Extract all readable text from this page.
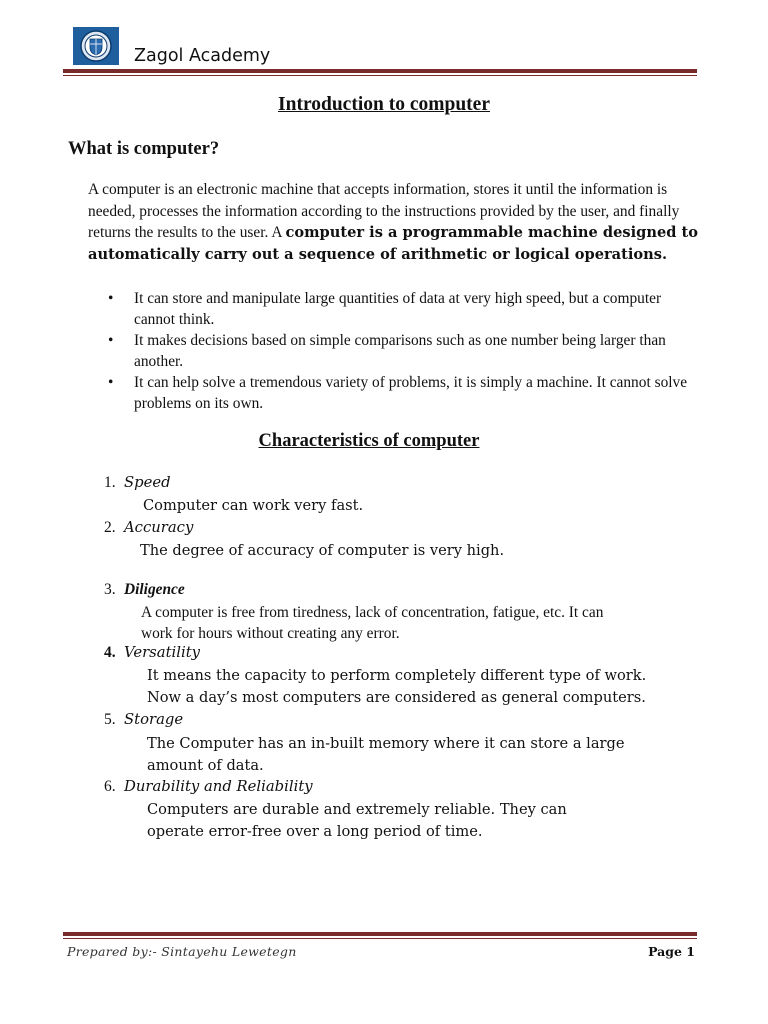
Zagol Academy
Introduction to computer
What is computer?

A computer is an electronic machine that accepts information, stores it until the information is needed, processes the information according to the instructions provided by the user, and finally returns the results to the user. A computer is a programmable machine designed to automatically carry out a sequence of arithmetic or logical operations.

• It can store and manipulate large quantities of data at very high speed, but a computer cannot think.
• It makes decisions based on simple comparisons such as one number being larger than another.
• It can help solve a tremendous variety of problems, it is simply a machine. It cannot solve problems on its own.
Characteristics of computer
1. Speed
Computer can work very fast.
2. Accuracy
The degree of accuracy of computer is very high.
3. Diligence
A computer is free from tiredness, lack of concentration, fatigue, etc. It can
work for hours without creating any error.
4. Versatility
It means the capacity to perform completely different type of work.
Now a day’s most computers are considered as general computers.
5. Storage
The Computer has an in-built memory where it can store a large
amount of data.
6. Durability and Reliability
Computers are durable and extremely reliable. They can
operate error-free over a long period of time.
Prepared by:- Sintayehu Lewetegn	Page 1
